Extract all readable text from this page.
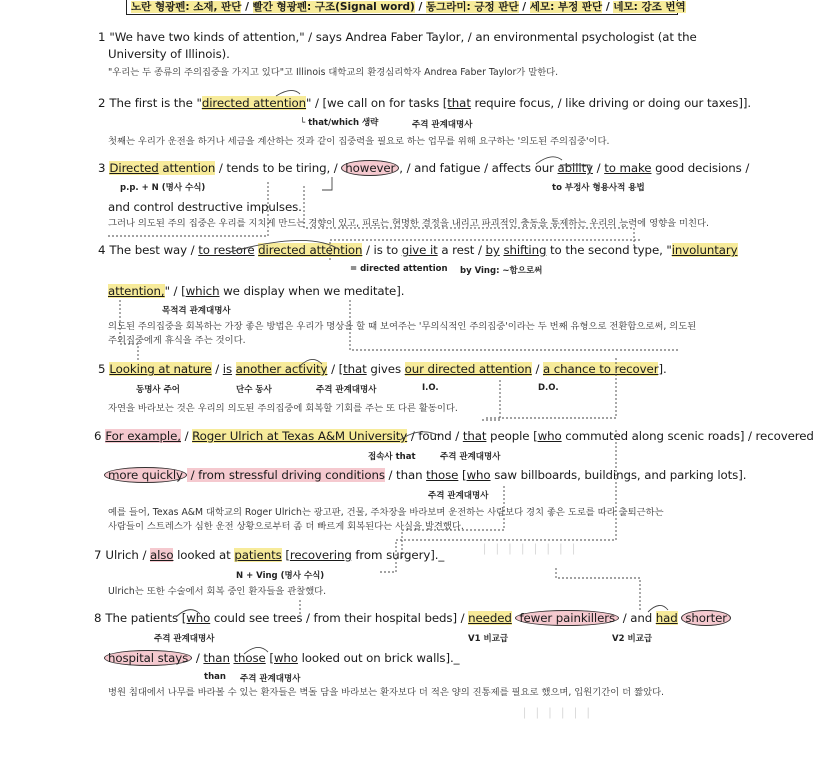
노란 형광펜: 소재, 판단 / 빨간 형광펜: 구조(Signal word) / 동그라미: 긍정 판단 / 세모: 부정 판단 / 네모: 강조 번역
1 "We have two kinds of attention," / says Andrea Faber Taylor, / an environmental psychologist (at the
University of Illinois).
"우리는 두 종류의 주의집중을 가지고 있다"고 Illinois 대학교의 환경심리학자 Andrea Faber Taylor가 말한다.
2 The first is the "directed attention" / [we call on for tasks [that require focus, / like driving or doing our taxes]].
└ that/which 생략	주격 관계대명사
첫째는 우리가 운전을 하거나 세금을 계산하는 것과 같이 집중력을 필요로 하는 업무를 위해 요구하는 '의도된 주의집중'이다.
3 Directed attention / tends to be tiring, / however , / and fatigue / affects our ability / to make good decisions /
p.p. + N (명사 수식)	to 부정사 형용사적 용법
and control destructive impulses.
그러나 의도된 주의 집중은 우리를 지치게 만드는 경향이 있고, 피로는 현명한 결정을 내리고 파괴적인 충동을 통제하는 우리의 능력에 영향을 미친다.
4 The best way / to restore directed attention / is to give it a rest / by shifting to the second type, "involuntary
= directed attention by Ving: ~함으로써
attention," / [which we display when we meditate].
목적격 관계대명사
의도된 주의집중을 회복하는 가장 좋은 방법은 우리가 명상을 할 때 보여주는 '무의식적인 주의집중'이라는 두 번째 유형으로 전환함으로써, 의도된
주의집중에게 휴식을 주는 것이다.
5 Looking at nature / is another activity / [that gives our directed attention / a chance to recover].
동명사 주어	단수 동사	주격 관계대명사	I.O.	D.O.
자연을 바라보는 것은 우리의 의도된 주의집중에 회복할 기회를 주는 또 다른 활동이다.
6 For example, / Roger Ulrich at Texas A&M University / found / that people [who commuted along scenic roads] / recovered
접속사 that	주격 관계대명사
more quickly / from stressful driving conditions / than those [who saw billboards, buildings, and parking lots].
주격 관계대명사
예를 들어, Texas A&M 대학교의 Roger Ulrich는 광고판, 건물, 주차장을 바라보며 운전하는 사람보다 경치 좋은 도로를 따라 출퇴근하는
사람들이 스트레스가 심한 운전 상황으로부터 좀 더 빠르게 회복된다는 사실을 발견했다.
❘ ❘ ❘ ❘ ❘ ❘ ❘ ❘
7 Ulrich / also looked at patients [recovering from surgery]._
N + Ving (명사 수식)
Ulrich는 또한 수술에서 회복 중인 환자들을 관찰했다.
8 The patients [who could see trees / from their hospital beds] / needed fewer painkillers / and had shorter
주격 관계대명사	V1 비교급	V2 비교급
hospital stays / than those [who looked out on brick walls]._
than 주격 관계대명사
병원 침대에서 나무를 바라볼 수 있는 환자들은 벽돌 담을 바라보는 환자보다 더 적은 양의 진통제를 필요로 했으며, 입원기간이 더 짧았다.
❘ ❘ ❘ ❘ ❘ ❘
